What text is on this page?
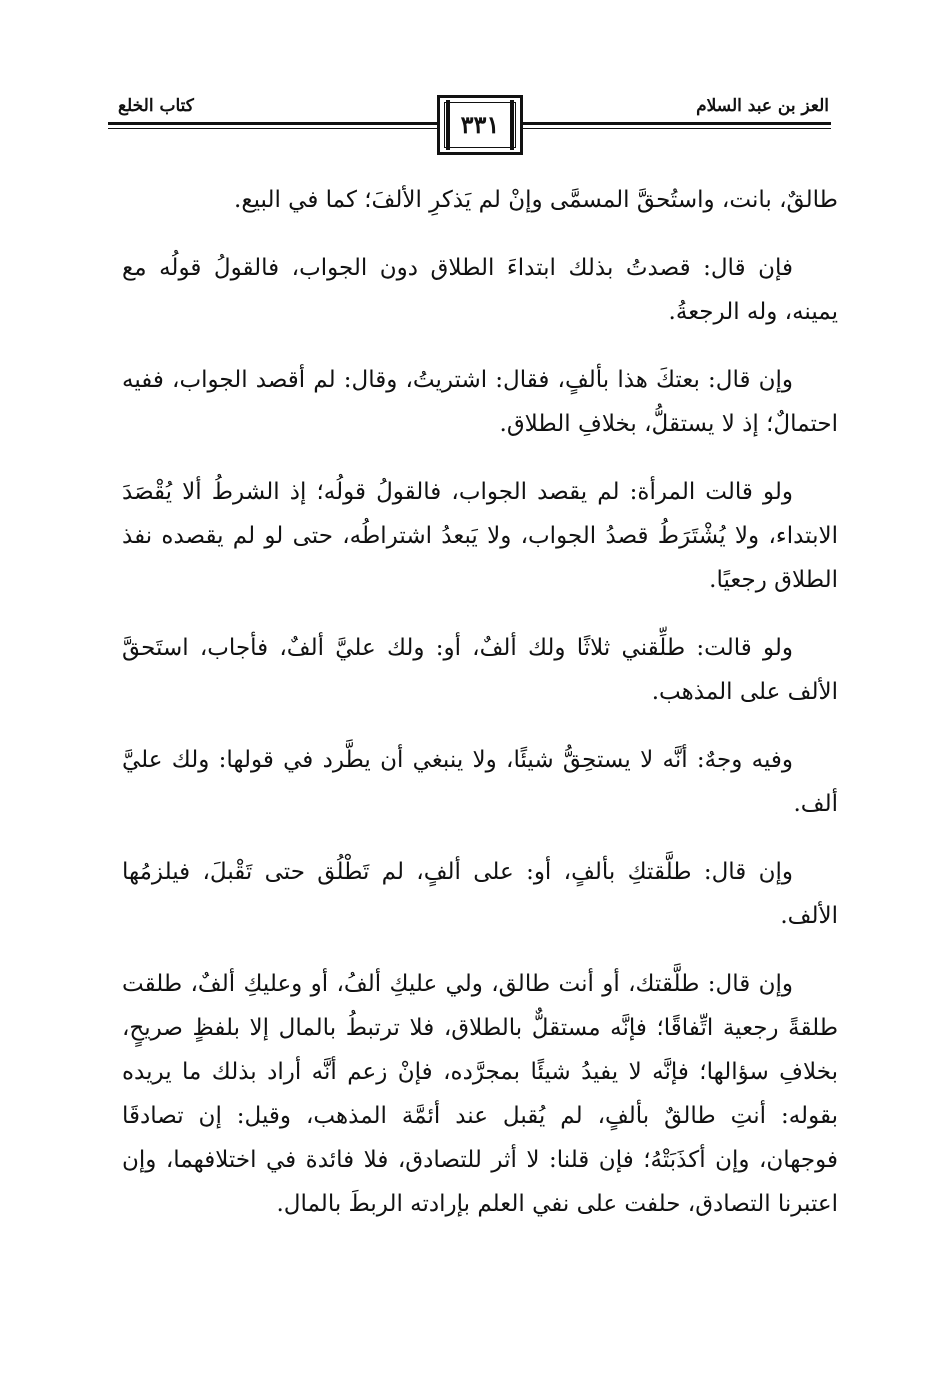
العز بن عبد السلام
كتاب الخلع
٣٣١

طالقٌ، بانت، واستُحقَّ المسمَّى وإنْ لم يَذكرِ الألفَ؛ كما في البيع.

فإن قال: قصدتُ بذلك ابتداءَ الطلاق دون الجواب، فالقولُ قولُه مع يمينه، وله الرجعةُ.

وإن قال: بعتكَ هذا بألفٍ، فقال: اشتريتُ، وقال: لم أقصد الجواب، ففيه احتمالٌ؛ إذ لا يستقلُّ، بخلافِ الطلاق.

ولو قالت المرأة: لم يقصد الجواب، فالقولُ قولُه؛ إذ الشرطُ ألا يُقْصَدَ الابتداء، ولا يُشْتَرَطُ قصدُ الجواب، ولا يَبعدُ اشتراطُه، حتى لو لم يقصده نفذ الطلاق رجعيًا.

ولو قالت: طلِّقني ثلاثًا ولك ألفٌ، أو: ولك عليَّ ألفٌ، فأجاب، استَحقَّ الألف على المذهب.

وفيه وجهٌ: أنَّه لا يستحِقُّ شيئًا، ولا ينبغي أن يطَّرد في قولها: ولك عليَّ ألف.

وإن قال: طلَّقتكِ بألفٍ، أو: على ألفٍ، لم تَطْلُق حتى تَقْبلَ، فيلزمُها الألف.

وإن قال: طلَّقتك، أو أنت طالق، ولي عليكِ ألفُ، أو وعليكِ ألفٌ، طلقت طلقةً رجعية اتِّفاقًا؛ فإنَّه مستقلٌّ بالطلاق، فلا ترتبطُ بالمال إلا بلفظٍ صريحٍ، بخلافِ سؤالها؛ فإنَّه لا يفيدُ شيئًا بمجرَّده، فإنْ زعم أنَّه أراد بذلك ما يريده بقوله: أنتِ طالقٌ بألفٍ، لم يُقبل عند أئمَّة المذهب، وقيل: إن تصادقَا فوجهان، وإن أكذَبَتْهُ؛ فإن قلنا: لا أثر للتصادق، فلا فائدة في اختلافهما، وإن اعتبرنا التصادق، حلفت على نفي العلم بإرادته الربطَ بالمال.
